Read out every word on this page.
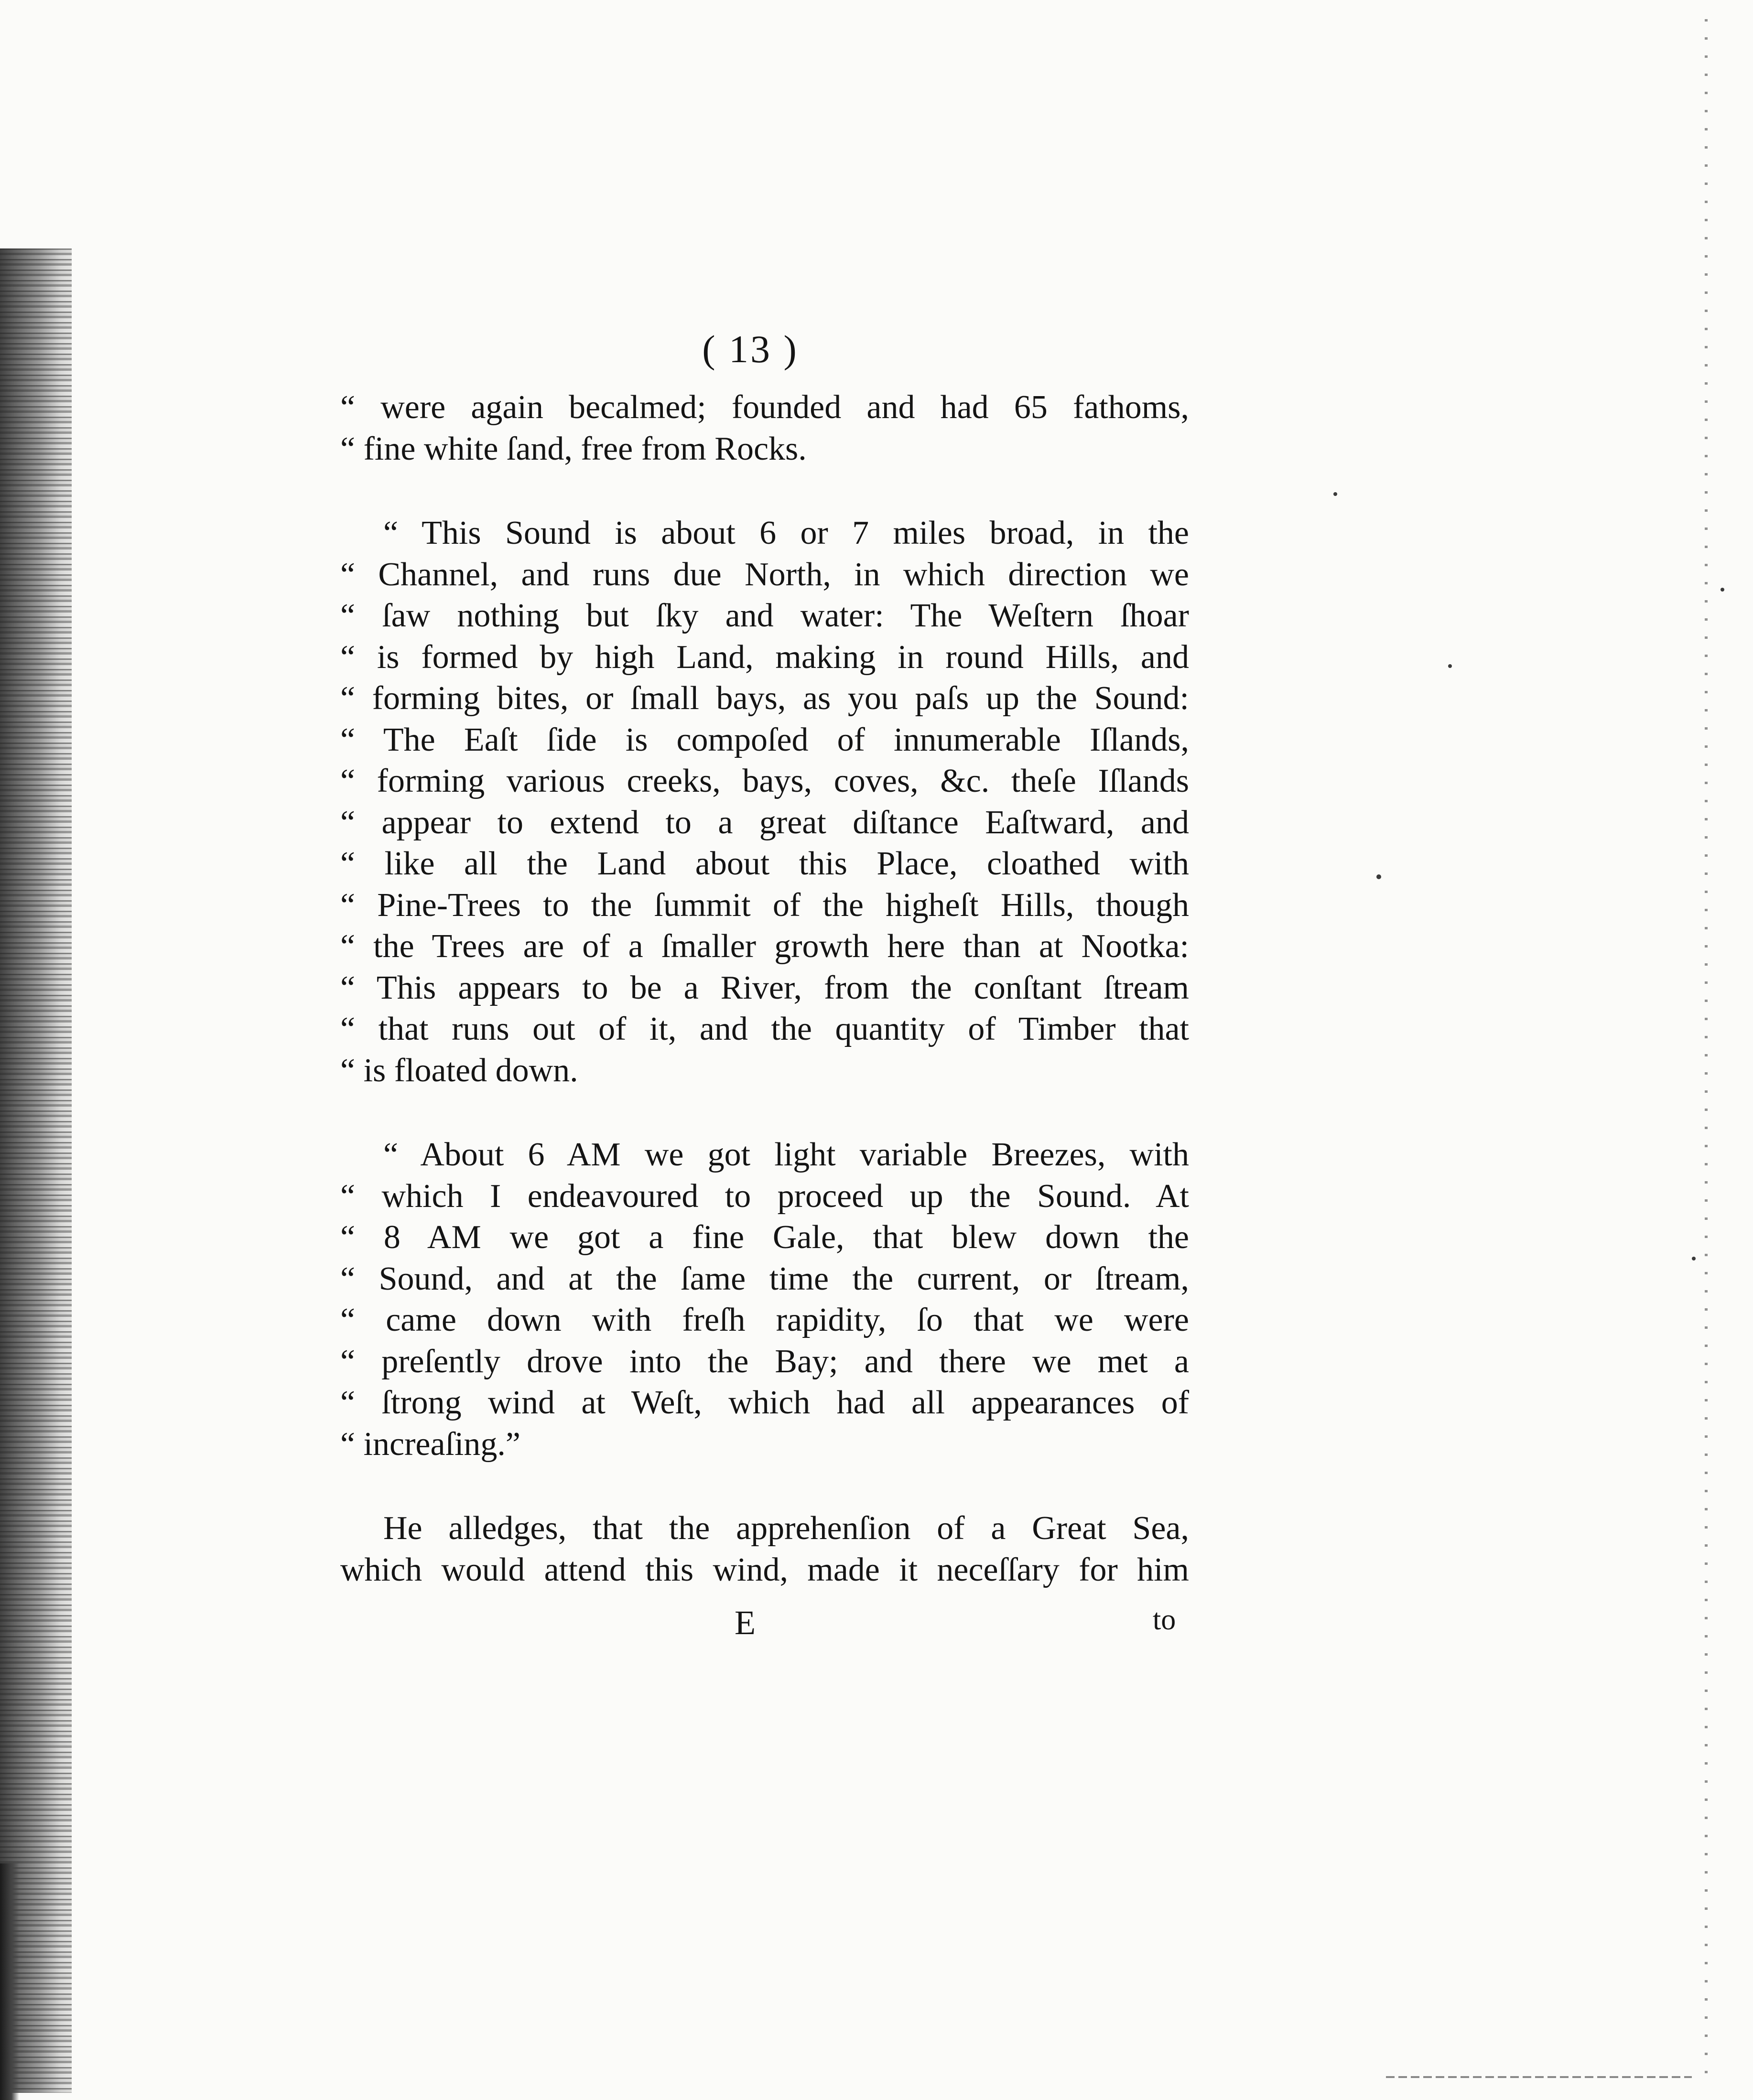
( 13 )

“ were again becalmed; founded and had 65 fathoms,
“ fine white ſand, free from Rocks.

“ This Sound is about 6 or 7 miles broad, in the
“ Channel, and runs due North, in which direction we
“ ſaw nothing but ſky and water: The Weſtern ſhoar
“ is formed by high Land, making in round Hills, and
“ forming bites, or ſmall bays, as you paſs up the Sound:
“ The Eaſt ſide is compoſed of innumerable Iſlands,
“ forming various creeks, bays, coves, &c. theſe Iſlands
“ appear to extend to a great diſtance Eaſtward, and
“ like all the Land about this Place, cloathed with
“ Pine-Trees to the ſummit of the higheſt Hills, though
“ the Trees are of a ſmaller growth here than at Nootka:
“ This appears to be a River, from the conſtant ſtream
“ that runs out of it, and the quantity of Timber that
“ is floated down.

“ About 6 AM we got light variable Breezes, with
“ which I endeavoured to proceed up the Sound. At
“ 8 AM we got a fine Gale, that blew down the
“ Sound, and at the ſame time the current, or ſtream,
“ came down with freſh rapidity, ſo that we were
“ preſently drove into the Bay; and there we met a
“ ſtrong wind at Weſt, which had all appearances of
“ increaſing.”

He alledges, that the apprehenſion of a Great Sea,
which would attend this wind, made it neceſſary for him

E	to
